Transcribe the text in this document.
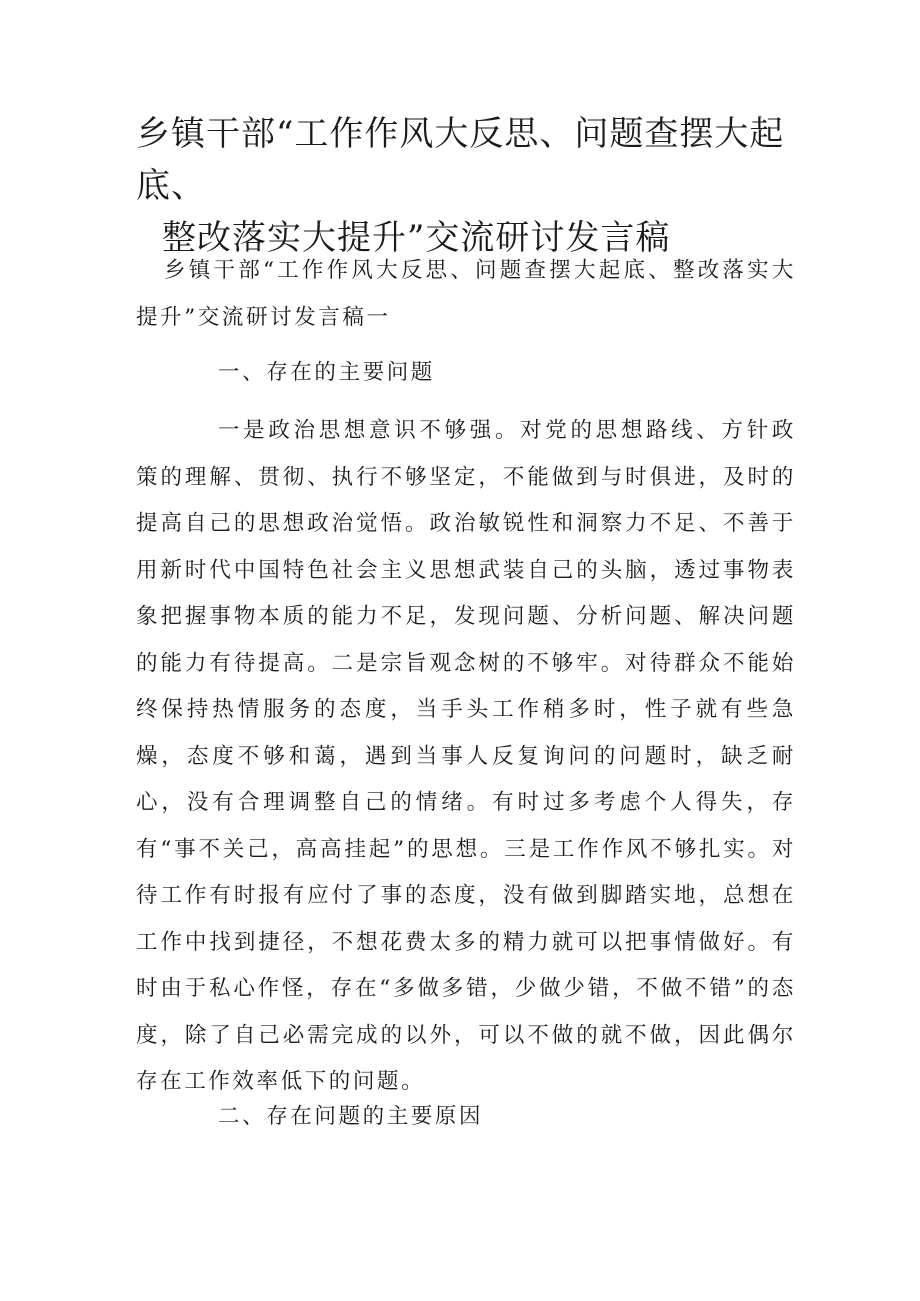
乡镇干部“工作作风大反思、问题查摆大起底、
整改落实大提升”交流研讨发言稿

乡镇干部“工作作风大反思、问题查摆大起底、整改落实大提升”交流研讨发言稿一

一、存在的主要问题

一是政治思想意识不够强。对党的思想路线、方针政策的理解、贯彻、执行不够坚定，不能做到与时俱进，及时的提高自己的思想政治觉悟。政治敏锐性和洞察力不足、不善于用新时代中国特色社会主义思想武装自己的头脑，透过事物表象把握事物本质的能力不足，发现问题、分析问题、解决问题的能力有待提高。二是宗旨观念树的不够牢。对待群众不能始终保持热情服务的态度，当手头工作稍多时，性子就有些急燥，态度不够和蔼，遇到当事人反复询问的问题时，缺乏耐心，没有合理调整自己的情绪。有时过多考虑个人得失，存有“事不关己，高高挂起”的思想。三是工作作风不够扎实。对待工作有时报有应付了事的态度，没有做到脚踏实地，总想在工作中找到捷径，不想花费太多的精力就可以把事情做好。有时由于私心作怪，存在“多做多错，少做少错，不做不错”的态度，除了自己必需完成的以外，可以不做的就不做，因此偶尔存在工作效率低下的问题。

二、存在问题的主要原因
